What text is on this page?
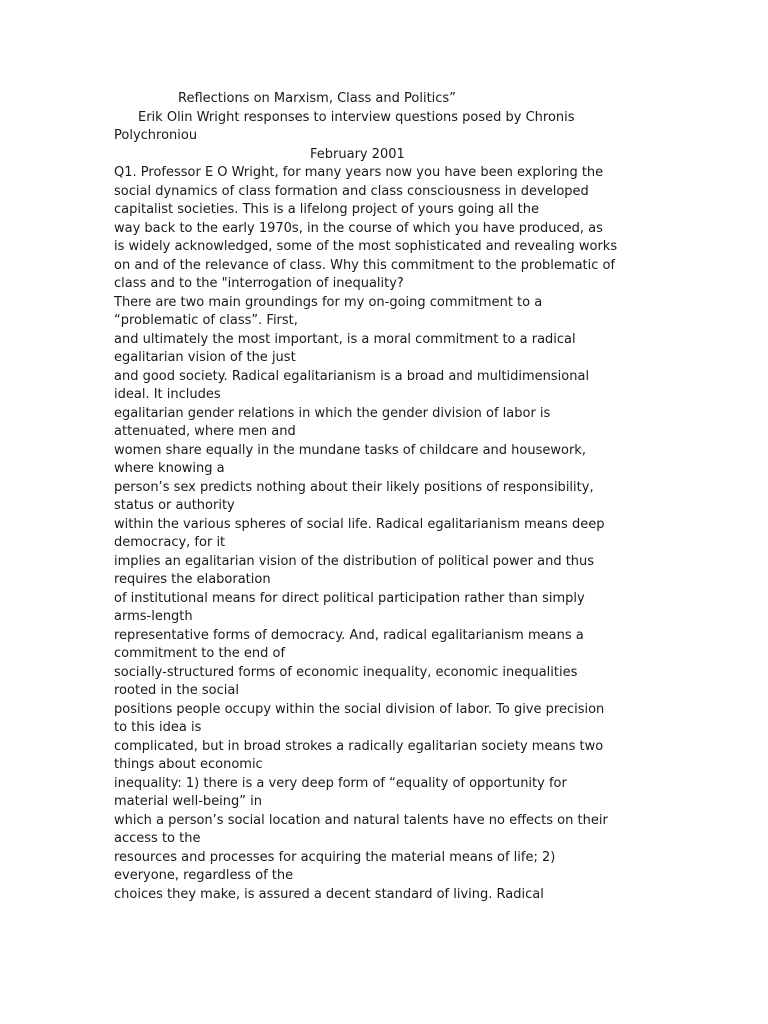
Reflections on Marxism, Class and Politics”
Erik Olin Wright responses to interview questions posed by Chronis
Polychroniou
February 2001
Q1. Professor E O Wright, for many years now you have been exploring the
social dynamics of class formation and class consciousness in developed
capitalist societies. This is a lifelong project of yours going all the
way back to the early 1970s, in the course of which you have produced, as
is widely acknowledged, some of the most sophisticated and revealing works
on and of the relevance of class. Why this commitment to the problematic of
class and to the "interrogation of inequality?
There are two main groundings for my on-going commitment to a
“problematic of class”. First,
and ultimately the most important, is a moral commitment to a radical
egalitarian vision of the just
and good society. Radical egalitarianism is a broad and multidimensional
ideal. It includes
egalitarian gender relations in which the gender division of labor is
attenuated, where men and
women share equally in the mundane tasks of childcare and housework,
where knowing a
person’s sex predicts nothing about their likely positions of responsibility,
status or authority
within the various spheres of social life. Radical egalitarianism means deep
democracy, for it
implies an egalitarian vision of the distribution of political power and thus
requires the elaboration
of institutional means for direct political participation rather than simply
arms-length
representative forms of democracy. And, radical egalitarianism means a
commitment to the end of
socially-structured forms of economic inequality, economic inequalities
rooted in the social
positions people occupy within the social division of labor. To give precision
to this idea is
complicated, but in broad strokes a radically egalitarian society means two
things about economic
inequality: 1) there is a very deep form of “equality of opportunity for
material well-being” in
which a person’s social location and natural talents have no effects on their
access to the
resources and processes for acquiring the material means of life; 2)
everyone, regardless of the
choices they make, is assured a decent standard of living. Radical
